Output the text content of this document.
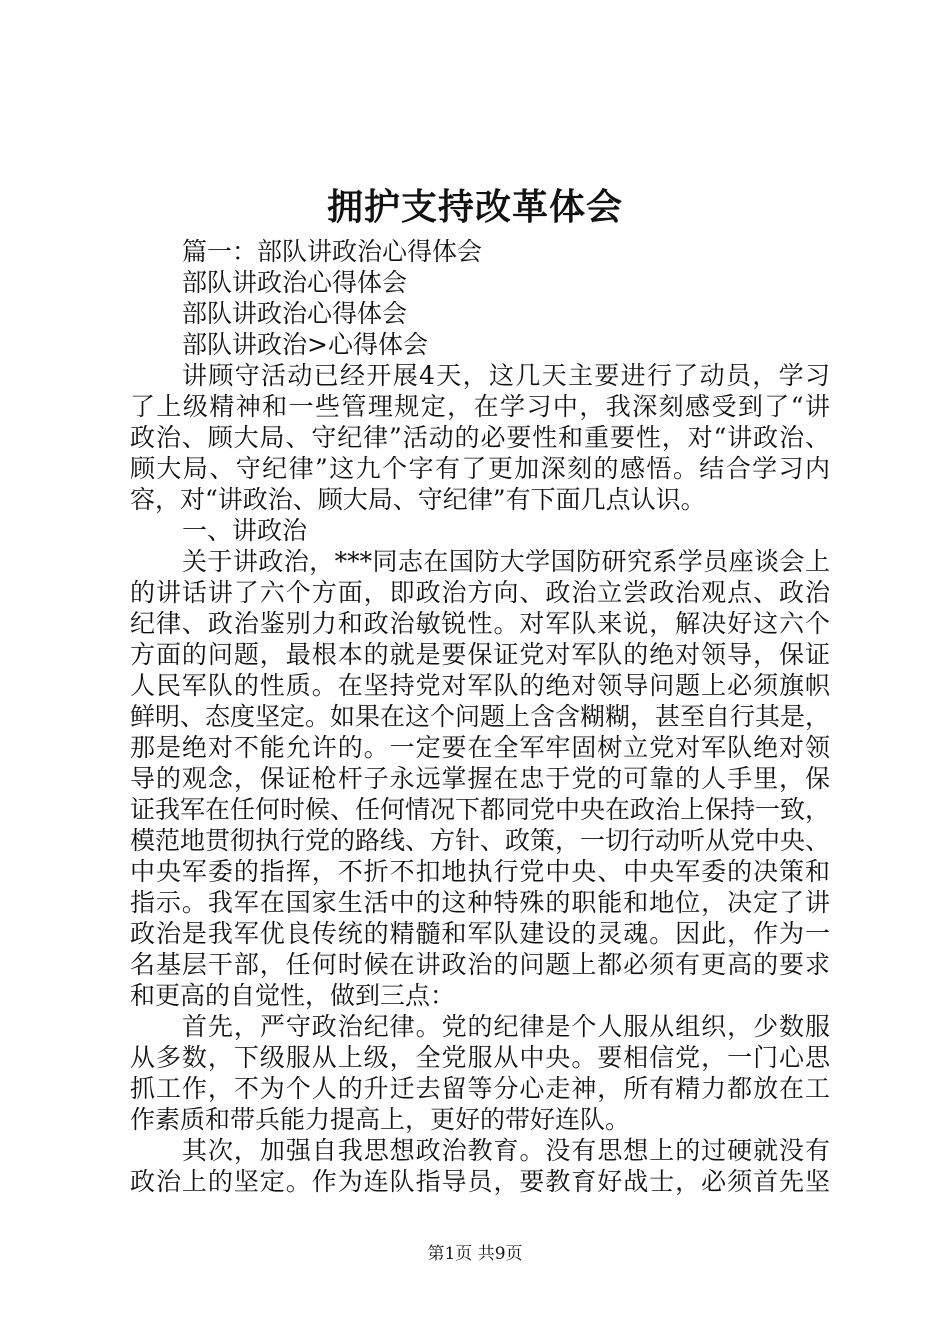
拥护支持改革体会
篇一：部队讲政治心得体会
部队讲政治心得体会
部队讲政治心得体会
部队讲政治>心得体会
讲顾守活动已经开展4天，这几天主要进行了动员，学习
了上级精神和一些管理规定，在学习中，我深刻感受到了“讲
政治、顾大局、守纪律”活动的必要性和重要性，对“讲政治、
顾大局、守纪律”这九个字有了更加深刻的感悟。结合学习内
容，对“讲政治、顾大局、守纪律”有下面几点认识。
一、讲政治
关于讲政治，***同志在国防大学国防研究系学员座谈会上
的讲话讲了六个方面，即政治方向、政治立尝政治观点、政治
纪律、政治鉴别力和政治敏锐性。对军队来说，解决好这六个
方面的问题，最根本的就是要保证党对军队的绝对领导，保证
人民军队的性质。在坚持党对军队的绝对领导问题上必须旗帜
鲜明、态度坚定。如果在这个问题上含含糊糊，甚至自行其是，
那是绝对不能允许的。一定要在全军牢固树立党对军队绝对领
导的观念，保证枪杆子永远掌握在忠于党的可靠的人手里，保
证我军在任何时候、任何情况下都同党中央在政治上保持一致，
模范地贯彻执行党的路线、方针、政策，一切行动听从党中央、
中央军委的指挥，不折不扣地执行党中央、中央军委的决策和
指示。我军在国家生活中的这种特殊的职能和地位，决定了讲
政治是我军优良传统的精髓和军队建设的灵魂。因此，作为一
名基层干部，任何时候在讲政治的问题上都必须有更高的要求
和更高的自觉性，做到三点：
首先，严守政治纪律。党的纪律是个人服从组织，少数服
从多数，下级服从上级，全党服从中央。要相信党，一门心思
抓工作，不为个人的升迁去留等分心走神，所有精力都放在工
作素质和带兵能力提高上，更好的带好连队。
其次，加强自我思想政治教育。没有思想上的过硬就没有
政治上的坚定。作为连队指导员，要教育好战士，必须首先坚
第1页 共9页
